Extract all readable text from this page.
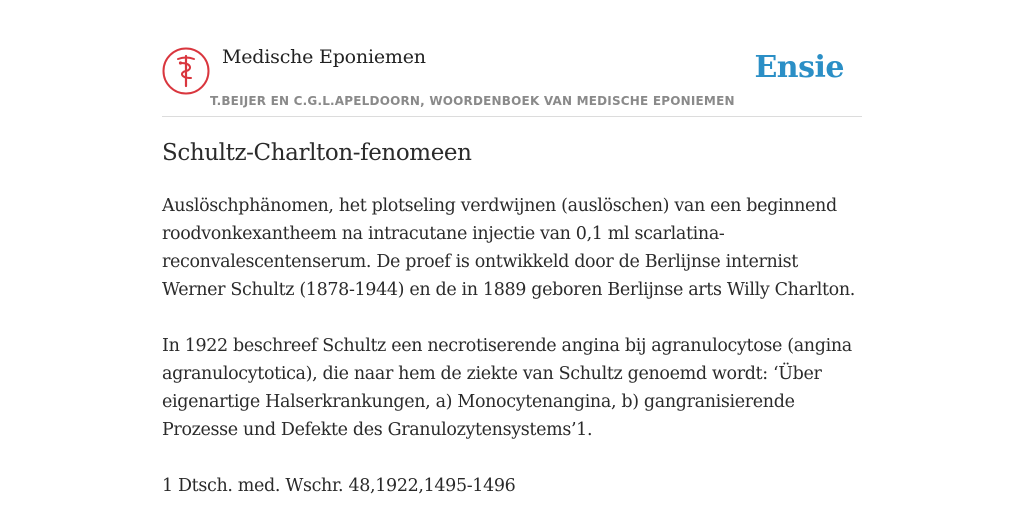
Medische Eponiemen
T.BEIJER EN C.G.L.APELDOORN, WOORDENBOEK VAN MEDISCHE EPONIEMEN
Ensie
Schultz-Charlton-fenomeen

Auslöschphänomen, het plotseling verdwijnen (auslöschen) van een beginnend
roodvonkexantheem na intracutane injectie van 0,1 ml scarlatina-
reconvalescentenserum. De proef is ontwikkeld door de Berlijnse internist
Werner Schultz (1878-1944) en de in 1889 geboren Berlijnse arts Willy Charlton.

In 1922 beschreef Schultz een necrotiserende angina bij agranulocytose (angina
agranulocytotica), die naar hem de ziekte van Schultz genoemd wordt: ‘Über
eigenartige Halserkrankungen, a) Monocytenangina, b) gangranisierende
Prozesse und Defekte des Granulozytensystems’1.

1 Dtsch. med. Wschr. 48,1922,1495-1496
